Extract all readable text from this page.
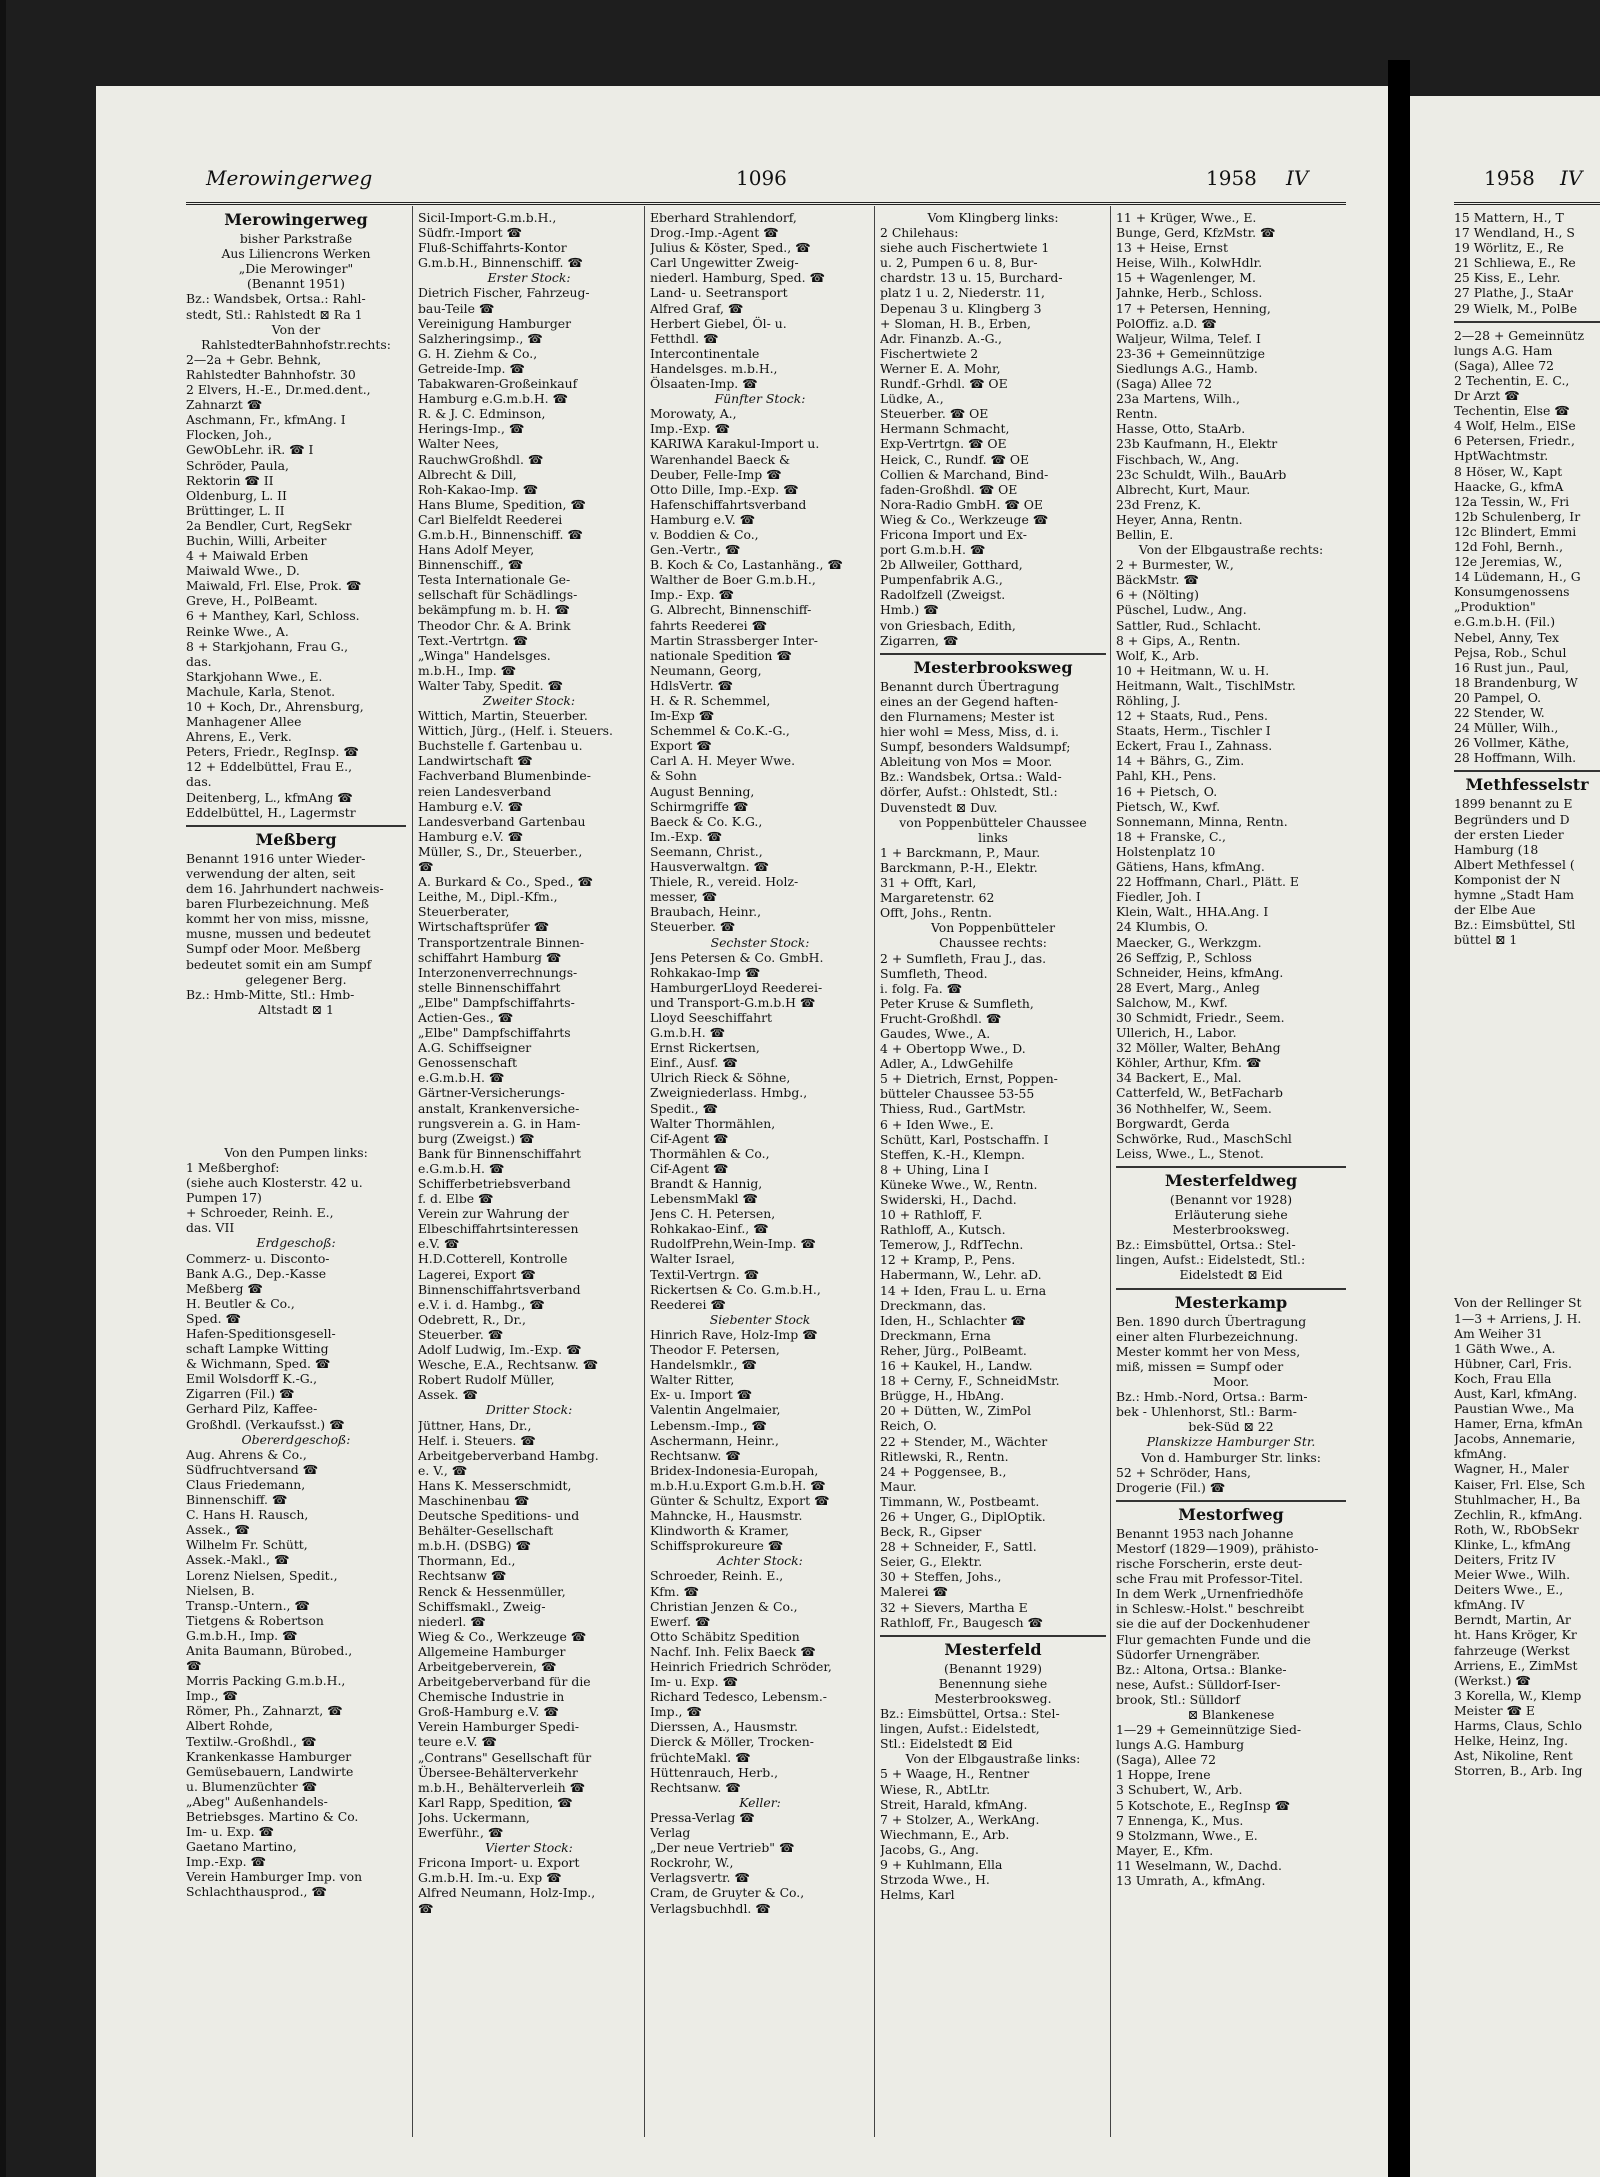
Merowingerweg	1096	1958 IV
Merowingerweg
bisher Parkstraße
Aus Liliencrons Werken
„Die Merowinger"
(Benannt 1951)
Bz.: Wandsbek, Ortsa.: Rahl-
stedt, Stl.: Rahlstedt ⊠ Ra 1
Von der
RahlstedterBahnhofstr.rechts:
2—2a + Gebr. Behnk,
Rahlstedter Bahnhofstr. 30
2 Elvers, H.-E., Dr.med.dent.,
Zahnarzt ☎
Aschmann, Fr., kfmAng. I
Flocken, Joh.,
GewObLehr. iR. ☎ I
Schröder, Paula,
Rektorin ☎ II
Oldenburg, L. II
Brüttinger, L. II
2a Bendler, Curt, RegSekr
Buchin, Willi, Arbeiter
4 + Maiwald Erben
Maiwald Wwe., D.
Maiwald, Frl. Else, Prok. ☎
Greve, H., PolBeamt.
6 + Manthey, Karl, Schloss.
Reinke Wwe., A.
8 + Starkjohann, Frau G.,
das.
Starkjohann Wwe., E.
Machule, Karla, Stenot.
10 + Koch, Dr., Ahrensburg,
Manhagener Allee
Ahrens, E., Verk.
Peters, Friedr., RegInsp. ☎
12 + Eddelbüttel, Frau E.,
das.
Deitenberg, L., kfmAng ☎
Eddelbüttel, H., Lagermstr
Meßberg
Benannt 1916 unter Wieder-
verwendung der alten, seit
dem 16. Jahrhundert nachweis-
baren Flurbezeichnung. Meß
kommt her von miss, missne,
musne, mussen und bedeutet
Sumpf oder Moor. Meßberg
bedeutet somit ein am Sumpf
gelegener Berg.
Bz.: Hmb-Mitte, Stl.: Hmb-
Altstadt ⊠ 1
Von den Pumpen links:
1 Meßberghof:
(siehe auch Klosterstr. 42 u.
Pumpen 17)
+ Schroeder, Reinh. E.,
das. VII
Erdgeschoß:
Commerz- u. Disconto-
Bank A.G., Dep.-Kasse
Meßberg ☎
H. Beutler & Co.,
Sped. ☎
Hafen-Speditionsgesell-
schaft Lampke Witting
& Wichmann, Sped. ☎
Emil Wolsdorff K.-G.,
Zigarren (Fil.) ☎
Gerhard Pilz, Kaffee-
Großhdl. (Verkaufsst.) ☎
Obererdgeschoß:
Aug. Ahrens & Co.,
Südfruchtversand ☎
Claus Friedemann,
Binnenschiff. ☎
C. Hans H. Rausch,
Assek., ☎
Wilhelm Fr. Schütt,
Assek.-Makl., ☎
Lorenz Nielsen, Spedit.,
Nielsen, B.
Transp.-Untern., ☎
Tietgens & Robertson
G.m.b.H., Imp. ☎
Anita Baumann, Bürobed.,
☎
Morris Packing G.m.b.H.,
Imp., ☎
Römer, Ph., Zahnarzt, ☎
Albert Rohde,
Textilw.-Großhdl., ☎
Krankenkasse Hamburger
Gemüsebauern, Landwirte
u. Blumenzüchter ☎
„Abeg" Außenhandels-
Betriebsges. Martino & Co.
Im- u. Exp. ☎
Gaetano Martino,
Imp.-Exp. ☎
Verein Hamburger Imp. von
Schlachthausprod., ☎
Sicil-Import-G.m.b.H.,
Südfr.-Import ☎
Fluß-Schiffahrts-Kontor
G.m.b.H., Binnenschiff. ☎
Erster Stock:
Dietrich Fischer, Fahrzeug-
bau-Teile ☎
Vereinigung Hamburger
Salzheringsimp., ☎
G. H. Ziehm & Co.,
Getreide-Imp. ☎
Tabakwaren-Großeinkauf
Hamburg e.G.m.b.H. ☎
R. & J. C. Edminson,
Herings-Imp., ☎
Walter Nees,
RauchwGroßhdl. ☎
Albrecht & Dill,
Roh-Kakao-Imp. ☎
Hans Blume, Spedition, ☎
Carl Bielfeldt Reederei
G.m.b.H., Binnenschiff. ☎
Hans Adolf Meyer,
Binnenschiff., ☎
Testa Internationale Ge-
sellschaft für Schädlings-
bekämpfung m. b. H. ☎
Theodor Chr. & A. Brink
Text.-Vertrtgn. ☎
„Winga" Handelsges.
m.b.H., Imp. ☎
Walter Taby, Spedit. ☎
Zweiter Stock:
Wittich, Martin, Steuerber.
Wittich, Jürg., (Helf. i. Steuers.
Buchstelle f. Gartenbau u.
Landwirtschaft ☎
Fachverband Blumenbinde-
reien Landesverband
Hamburg e.V. ☎
Landesverband Gartenbau
Hamburg e.V. ☎
Müller, S., Dr., Steuerber.,
☎
A. Burkard & Co., Sped., ☎
Leithe, M., Dipl.-Kfm.,
Steuerberater,
Wirtschaftsprüfer ☎
Transportzentrale Binnen-
schiffahrt Hamburg ☎
Interzonenverrechnungs-
stelle Binnenschiffahrt
„Elbe" Dampfschiffahrts-
Actien-Ges., ☎
„Elbe" Dampfschiffahrts
A.G. Schiffseigner
Genossenschaft
e.G.m.b.H. ☎
Gärtner-Versicherungs-
anstalt, Krankenversiche-
rungsverein a. G. in Ham-
burg (Zweigst.) ☎
Bank für Binnenschiffahrt
e.G.m.b.H. ☎
Schifferbetriebsverband
f. d. Elbe ☎
Verein zur Wahrung der
Elbeschiffahrtsinteressen
e.V. ☎
H.D.Cotterell, Kontrolle
Lagerei, Export ☎
Binnenschiffahrtsverband
e.V. i. d. Hambg., ☎
Odebrett, R., Dr.,
Steuerber. ☎
Adolf Ludwig, Im.-Exp. ☎
Wesche, E.A., Rechtsanw. ☎
Robert Rudolf Müller,
Assek. ☎
Dritter Stock:
Jüttner, Hans, Dr.,
Helf. i. Steuers. ☎
Arbeitgeberverband Hambg.
e. V., ☎
Hans K. Messerschmidt,
Maschinenbau ☎
Deutsche Speditions- und
Behälter-Gesellschaft
m.b.H. (DSBG) ☎
Thormann, Ed.,
Rechtsanw ☎
Renck & Hessenmüller,
Schiffsmakl., Zweig-
niederl. ☎
Wieg & Co., Werkzeuge ☎
Allgemeine Hamburger
Arbeitgeberverein, ☎
Arbeitgeberverband für die
Chemische Industrie in
Groß-Hamburg e.V. ☎
Verein Hamburger Spedi-
teure e.V. ☎
„Contrans" Gesellschaft für
Übersee-Behälterverkehr
m.b.H., Behälterverleih ☎
Karl Rapp, Spedition, ☎
Johs. Uckermann,
Ewerführ., ☎
Vierter Stock:
Fricona Import- u. Export
G.m.b.H. Im.-u. Exp ☎
Alfred Neumann, Holz-Imp.,
☎
Eberhard Strahlendorf,
Drog.-Imp.-Agent ☎
Julius & Köster, Sped., ☎
Carl Ungewitter Zweig-
niederl. Hamburg, Sped. ☎
Land- u. Seetransport
Alfred Graf, ☎
Herbert Giebel, Öl- u.
Fetthdl. ☎
Intercontinentale
Handelsges. m.b.H.,
Ölsaaten-Imp. ☎
Fünfter Stock:
Morowaty, A.,
Imp.-Exp. ☎
KARIWA Karakul-Import u.
Warenhandel Baeck &
Deuber, Felle-Imp ☎
Otto Dille, Imp.-Exp. ☎
Hafenschiffahrtsverband
Hamburg e.V. ☎
v. Boddien & Co.,
Gen.-Vertr., ☎
B. Koch & Co, Lastanhäng., ☎
Walther de Boer G.m.b.H.,
Imp.- Exp. ☎
G. Albrecht, Binnenschiff-
fahrts Reederei ☎
Martin Strassberger Inter-
nationale Spedition ☎
Neumann, Georg,
HdlsVertr. ☎
H. & R. Schemmel,
Im-Exp ☎
Schemmel & Co.K.-G.,
Export ☎
Carl A. H. Meyer Wwe.
& Sohn
August Benning,
Schirmgriffe ☎
Baeck & Co. K.G.,
Im.-Exp. ☎
Seemann, Christ.,
Hausverwaltgn. ☎
Thiele, R., vereid. Holz-
messer, ☎
Braubach, Heinr.,
Steuerber. ☎
Sechster Stock:
Jens Petersen & Co. GmbH.
Rohkakao-Imp ☎
HamburgerLloyd Reederei-
und Transport-G.m.b.H ☎
Lloyd Seeschiffahrt
G.m.b.H. ☎
Ernst Rickertsen,
Einf., Ausf. ☎
Ulrich Rieck & Söhne,
Zweigniederlass. Hmbg.,
Spedit., ☎
Walter Thormählen,
Cif-Agent ☎
Thormählen & Co.,
Cif-Agent ☎
Brandt & Hannig,
LebensmMakl ☎
Jens C. H. Petersen,
Rohkakao-Einf., ☎
RudolfPrehn,Wein-Imp. ☎
Walter Israel,
Textil-Vertrgn. ☎
Rickertsen & Co. G.m.b.H.,
Reederei ☎
Siebenter Stock
Hinrich Rave, Holz-Imp ☎
Theodor F. Petersen,
Handelsmklr., ☎
Walter Ritter,
Ex- u. Import ☎
Valentin Angelmaier,
Lebensm.-Imp., ☎
Aschermann, Heinr.,
Rechtsanw. ☎
Bridex-Indonesia-Europah,
m.b.H.u.Export G.m.b.H. ☎
Günter & Schultz, Export ☎
Mahncke, H., Hausmstr.
Klindworth & Kramer,
Schiffsprokureure ☎
Achter Stock:
Schroeder, Reinh. E.,
Kfm. ☎
Christian Jenzen & Co.,
Ewerf. ☎
Otto Schäbitz Spedition
Nachf. Inh. Felix Baeck ☎
Heinrich Friedrich Schröder,
Im- u. Exp. ☎
Richard Tedesco, Lebensm.-
Imp., ☎
Dierssen, A., Hausmstr.
Dierck & Möller, Trocken-
früchteMakl. ☎
Hüttenrauch, Herb.,
Rechtsanw. ☎
Keller:
Pressa-Verlag ☎
Verlag
„Der neue Vertrieb" ☎
Rockrohr, W.,
Verlagsvertr. ☎
Cram, de Gruyter & Co.,
Verlagsbuchhdl. ☎
Vom Klingberg links:
2 Chilehaus:
siehe auch Fischertwiete 1
u. 2, Pumpen 6 u. 8, Bur-
chardstr. 13 u. 15, Burchard-
platz 1 u. 2, Niederstr. 11,
Depenau 3 u. Klingberg 3
+ Sloman, H. B., Erben,
Adr. Finanzb. A.-G.,
Fischertwiete 2
Werner E. A. Mohr,
Rundf.-Grhdl. ☎ OE
Lüdke, A.,
Steuerber. ☎ OE
Hermann Schmacht,
Exp-Vertrtgn. ☎ OE
Heick, C., Rundf. ☎ OE
Collien & Marchand, Bind-
faden-Großhdl. ☎ OE
Nora-Radio GmbH. ☎ OE
Wieg & Co., Werkzeuge ☎
Fricona Import und Ex-
port G.m.b.H. ☎
2b Allweiler, Gotthard,
Pumpenfabrik A.G.,
Radolfzell (Zweigst.
Hmb.) ☎
von Griesbach, Edith,
Zigarren, ☎
Mesterbrooksweg
Benannt durch Übertragung
eines an der Gegend haften-
den Flurnamens; Mester ist
hier wohl = Mess, Miss, d. i.
Sumpf, besonders Waldsumpf;
Ableitung von Mos = Moor.
Bz.: Wandsbek, Ortsa.: Wald-
dörfer, Aufst.: Ohlstedt, Stl.:
Duvenstedt ⊠ Duv.
von Poppenbütteler Chaussee
links
1 + Barckmann, P., Maur.
Barckmann, P.-H., Elektr.
31 + Offt, Karl,
Margaretenstr. 62
Offt, Johs., Rentn.
Von Poppenbütteler
Chaussee rechts:
2 + Sumfleth, Frau J., das.
Sumfleth, Theod.
i. folg. Fa. ☎
Peter Kruse & Sumfleth,
Frucht-Großhdl. ☎
Gaudes, Wwe., A.
4 + Obertopp Wwe., D.
Adler, A., LdwGehilfe
5 + Dietrich, Ernst, Poppen-
bütteler Chaussee 53-55
Thiess, Rud., GartMstr.
6 + Iden Wwe., E.
Schütt, Karl, Postschaffn. I
Steffen, K.-H., Klempn.
8 + Uhing, Lina I
Küneke Wwe., W., Rentn.
Swiderski, H., Dachd.
10 + Rathloff, F.
Rathloff, A., Kutsch.
Temerow, J., RdfTechn.
12 + Kramp, P., Pens.
Habermann, W., Lehr. aD.
14 + Iden, Frau L. u. Erna
Dreckmann, das.
Iden, H., Schlachter ☎
Dreckmann, Erna
Reher, Jürg., PolBeamt.
16 + Kaukel, H., Landw.
18 + Cerny, F., SchneidMstr.
Brügge, H., HbAng.
20 + Dütten, W., ZimPol
Reich, O.
22 + Stender, M., Wächter
Ritlewski, R., Rentn.
24 + Poggensee, B.,
Maur.
Timmann, W., Postbeamt.
26 + Unger, G., DiplOptik.
Beck, R., Gipser
28 + Schneider, F., Sattl.
Seier, G., Elektr.
30 + Steffen, Johs.,
Malerei ☎
32 + Sievers, Martha E
Rathloff, Fr., Baugesch ☎
Mesterfeld
(Benannt 1929)
Benennung siehe
Mesterbrooksweg.
Bz.: Eimsbüttel, Ortsa.: Stel-
lingen, Aufst.: Eidelstedt,
Stl.: Eidelstedt ⊠ Eid
Von der Elbgaustraße links:
5 + Waage, H., Rentner
Wiese, R., AbtLtr.
Streit, Harald, kfmAng.
7 + Stolzer, A., WerkAng.
Wiechmann, E., Arb.
Jacobs, G., Ang.
9 + Kuhlmann, Ella
Strzoda Wwe., H.
Helms, Karl
11 + Krüger, Wwe., E.
Bunge, Gerd, KfzMstr. ☎
13 + Heise, Ernst
Heise, Wilh., KolwHdlr.
15 + Wagenlenger, M.
Jahnke, Herb., Schloss.
17 + Petersen, Henning,
PolOffiz. a.D. ☎
Waljeur, Wilma, Telef. I
23-36 + Gemeinnützige
Siedlungs A.G., Hamb.
(Saga) Allee 72
23a Martens, Wilh.,
Rentn.
Hasse, Otto, StaArb.
23b Kaufmann, H., Elektr
Fischbach, W., Ang.
23c Schuldt, Wilh., BauArb
Albrecht, Kurt, Maur.
23d Frenz, K.
Heyer, Anna, Rentn.
Bellin, E.
Von der Elbgaustraße rechts:
2 + Burmester, W.,
BäckMstr. ☎
6 + (Nölting)
Püschel, Ludw., Ang.
Sattler, Rud., Schlacht.
8 + Gips, A., Rentn.
Wolf, K., Arb.
10 + Heitmann, W. u. H.
Heitmann, Walt., TischlMstr.
Röhling, J.
12 + Staats, Rud., Pens.
Staats, Herm., Tischler I
Eckert, Frau I., Zahnass.
14 + Bährs, G., Zim.
Pahl, KH., Pens.
16 + Pietsch, O.
Pietsch, W., Kwf.
Sonnemann, Minna, Rentn.
18 + Franske, C.,
Holstenplatz 10
Gätiens, Hans, kfmAng.
22 Hoffmann, Charl., Plätt. E
Fiedler, Joh. I
Klein, Walt., HHA.Ang. I
24 Klumbis, O.
Maecker, G., Werkzgm.
26 Seffzig, P., Schloss
Schneider, Heins, kfmAng.
28 Evert, Marg., Anleg
Salchow, M., Kwf.
30 Schmidt, Friedr., Seem.
Ullerich, H., Labor.
32 Möller, Walter, BehAng
Köhler, Arthur, Kfm. ☎
34 Backert, E., Mal.
Catterfeld, W., BetFacharb
36 Nothhelfer, W., Seem.
Borgwardt, Gerda
Schwörke, Rud., MaschSchl
Leiss, Wwe., L., Stenot.
Mesterfeldweg
(Benannt vor 1928)
Erläuterung siehe
Mesterbrooksweg.
Bz.: Eimsbüttel, Ortsa.: Stel-
lingen, Aufst.: Eidelstedt, Stl.:
Eidelstedt ⊠ Eid
Mesterkamp
Ben. 1890 durch Übertragung
einer alten Flurbezeichnung.
Mester kommt her von Mess,
miß, missen = Sumpf oder
Moor.
Bz.: Hmb.-Nord, Ortsa.: Barm-
bek - Uhlenhorst, Stl.: Barm-
bek-Süd ⊠ 22
Planskizze Hamburger Str.
Von d. Hamburger Str. links:
52 + Schröder, Hans,
Drogerie (Fil.) ☎
Mestorfweg
Benannt 1953 nach Johanne
Mestorf (1829—1909), prähisto-
rische Forscherin, erste deut-
sche Frau mit Professor-Titel.
In dem Werk „Urnenfriedhöfe
in Schlesw.-Holst." beschreibt
sie die auf der Dockenhudener
Flur gemachten Funde und die
Südorfer Urnengräber.
Bz.: Altona, Ortsa.: Blanke-
nese, Aufst.: Sülldorf-Iser-
brook, Stl.: Sülldorf
⊠ Blankenese
1—29 + Gemeinnützige Sied-
lungs A.G. Hamburg
(Saga), Allee 72
1 Hoppe, Irene
3 Schubert, W., Arb.
5 Kotschote, E., RegInsp ☎
7 Ennenga, K., Mus.
9 Stolzmann, Wwe., E.
Mayer, E., Kfm.
11 Weselmann, W., Dachd.
13 Umrath, A., kfmAng.
1958 IV
15 Mattern, H., T
17 Wendland, H., S
19 Wörlitz, E., Re
21 Schliewa, E., Re
25 Kiss, E., Lehr.
27 Plathe, J., StaAr
29 Wielk, M., PolBe
2—28 + Gemeinnütz
lungs A.G. Ham
(Saga), Allee 72
2 Techentin, E. C.,
Dr Arzt ☎
Techentin, Else ☎
4 Wolf, Helm., ElSe
6 Petersen, Friedr.,
HptWachtmstr.
8 Höser, W., Kapt
Haacke, G., kfmA
12a Tessin, W., Fri
12b Schulenberg, Ir
12c Blindert, Emmi
12d Fohl, Bernh.,
12e Jeremias, W.,
14 Lüdemann, H., G
Konsumgenossens
„Produktion"
e.G.m.b.H. (Fil.)
Nebel, Anny, Tex
Pejsa, Rob., Schul
16 Rust jun., Paul,
18 Brandenburg, W
20 Pampel, O.
22 Stender, W.
24 Müller, Wilh.,
26 Vollmer, Käthe,
28 Hoffmann, Wilh.
Methfesselstr
1899 benannt zu E
Begründers und D
der ersten Lieder
Hamburg (18
Albert Methfessel (
Komponist der N
hymne „Stadt Ham
der Elbe Aue
Bz.: Eimsbüttel, Stl
büttel ⊠ 1
Von der Rellinger St
1—3 + Arriens, J. H.
Am Weiher 31
1 Gäth Wwe., A.
Hübner, Carl, Fris.
Koch, Frau Ella
Aust, Karl, kfmAng.
Paustian Wwe., Ma
Hamer, Erna, kfmAn
Jacobs, Annemarie,
kfmAng.
Wagner, H., Maler
Kaiser, Frl. Else, Sch
Stuhlmacher, H., Ba
Zechlin, R., kfmAng.
Roth, W., RbObSekr
Klinke, L., kfmAng
Deiters, Fritz IV
Meier Wwe., Wilh.
Deiters Wwe., E.,
kfmAng. IV
Berndt, Martin, Ar
ht. Hans Kröger, Kr
fahrzeuge (Werkst
Arriens, E., ZimMst
(Werkst.) ☎
3 Korella, W., Klemp
Meister ☎ E
Harms, Claus, Schlo
Helke, Heinz, Ing.
Ast, Nikoline, Rent
Storren, B., Arb. Ing
